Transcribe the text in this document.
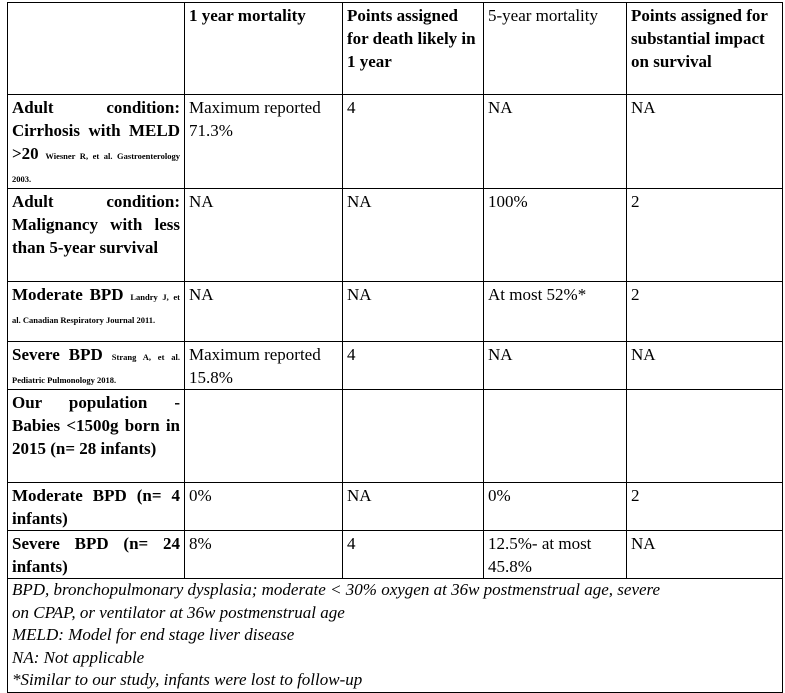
	1 year mortality	Points assigned for death likely in 1 year	5-year mortality	Points assigned for substantial impact on survival
Adult condition: Cirrhosis with MELD >20 Wiesner R, et al. Gastroenterology 2003.	Maximum reported 71.3%	4	NA	NA
Adult condition: Malignancy with less than 5-year survival	NA	NA	100%	2
Moderate BPD Landry J, et al. Canadian Respiratory Journal 2011.	NA	NA	At most 52%*	2
Severe BPD Strang A, et al. Pediatric Pulmonology 2018.	Maximum reported 15.8%	4	NA	NA
Our population - Babies <1500g born in 2015 (n= 28 infants)				
Moderate BPD (n= 4 infants)	0%	NA	0%	2
Severe BPD (n= 24 infants)	8%	4	12.5%- at most 45.8%	NA

BPD, bronchopulmonary dysplasia; moderate < 30% oxygen at 36w postmenstrual age, severe
on CPAP, or ventilator at 36w postmenstrual age
MELD: Model for end stage liver disease
NA: Not applicable
*Similar to our study, infants were lost to follow-up				
